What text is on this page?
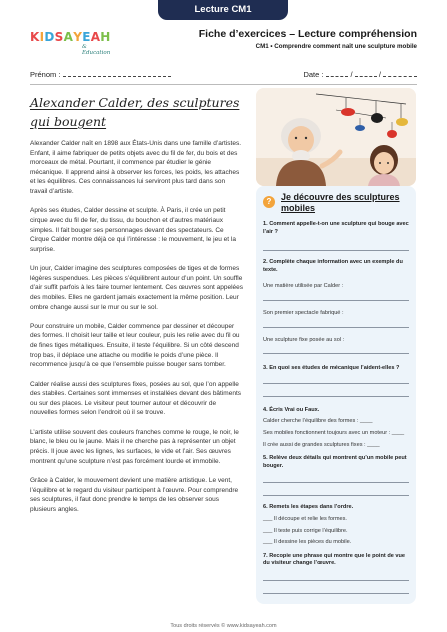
Lecture CM1
K I D S A Y E A H
& Education
Fiche d’exercices – Lecture compréhension
CM1 • Comprendre comment naît une sculpture mobile
Prénom :	Date :	/	/
Alexander Calder, des sculptures qui bougent

Alexander Calder naît en 1898 aux États-Unis dans une famille d’artistes. Enfant, il aime fabriquer de petits objets avec du fil de fer, du bois et des morceaux de métal. Pourtant, il commence par étudier le génie mécanique. Il apprend ainsi à observer les forces, les poids, les attaches et les équilibres. Ces connaissances lui serviront plus tard dans son travail d’artiste.

Après ses études, Calder dessine et sculpte. À Paris, il crée un petit cirque avec du fil de fer, du tissu, du bouchon et d’autres matériaux simples. Il fait bouger ses personnages devant des spectateurs. Ce Cirque Calder montre déjà ce qui l’intéresse : le mouvement, le jeu et la surprise.

Un jour, Calder imagine des sculptures composées de tiges et de formes légères suspendues. Les pièces s’équilibrent autour d’un point. Un souffle d’air suffit parfois à les faire tourner lentement. Ces œuvres sont appelées des mobiles. Elles ne gardent jamais exactement la même position. Leur ombre change aussi sur le mur ou sur le sol.

Pour construire un mobile, Calder commence par dessiner et découper des formes. Il choisit leur taille et leur couleur, puis les relie avec du fil ou de fines tiges métalliques. Ensuite, il teste l’équilibre. Si un côté descend trop bas, il déplace une attache ou modifie le poids d’une pièce. Il recommence jusqu’à ce que l’ensemble puisse bouger sans tomber.

Calder réalise aussi des sculptures fixes, posées au sol, que l’on appelle des stabiles. Certaines sont immenses et installées devant des bâtiments ou sur des places. Le visiteur peut tourner autour et découvrir de nouvelles formes selon l’endroit où il se trouve.

L’artiste utilise souvent des couleurs franches comme le rouge, le noir, le blanc, le bleu ou le jaune. Mais il ne cherche pas à représenter un objet précis. Il joue avec les lignes, les surfaces, le vide et l’air. Ses œuvres montrent qu’une sculpture n’est pas forcément lourde et immobile.

Grâce à Calder, le mouvement devient une matière artistique. Le vent, l’équilibre et le regard du visiteur participent à l’œuvre. Pour comprendre ses sculptures, il faut donc prendre le temps de les observer sous plusieurs angles.

?	Je découvre des sculptures mobiles
1. Comment appelle-t-on une sculpture qui bouge avec l’air ?
2. Complète chaque information avec un exemple du texte.
Une matière utilisée par Calder :
Son premier spectacle fabriqué :
Une sculpture fixe posée au sol :
3. En quoi ses études de mécanique l’aident-elles ?
4. Écris Vrai ou Faux.
Calder cherche l’équilibre des formes : ____
Ses mobiles fonctionnent toujours avec un moteur : ____
Il crée aussi de grandes sculptures fixes : ____
5. Relève deux détails qui montrent qu’un mobile peut bouger.
6. Remets les étapes dans l’ordre.
___ Il découpe et relie les formes.
___ Il teste puis corrige l’équilibre.
___ Il dessine les pièces du mobile.
7. Recopie une phrase qui montre que le point de vue du visiteur change l’œuvre.
Tous droits réservés © www.kidsayeah.com
